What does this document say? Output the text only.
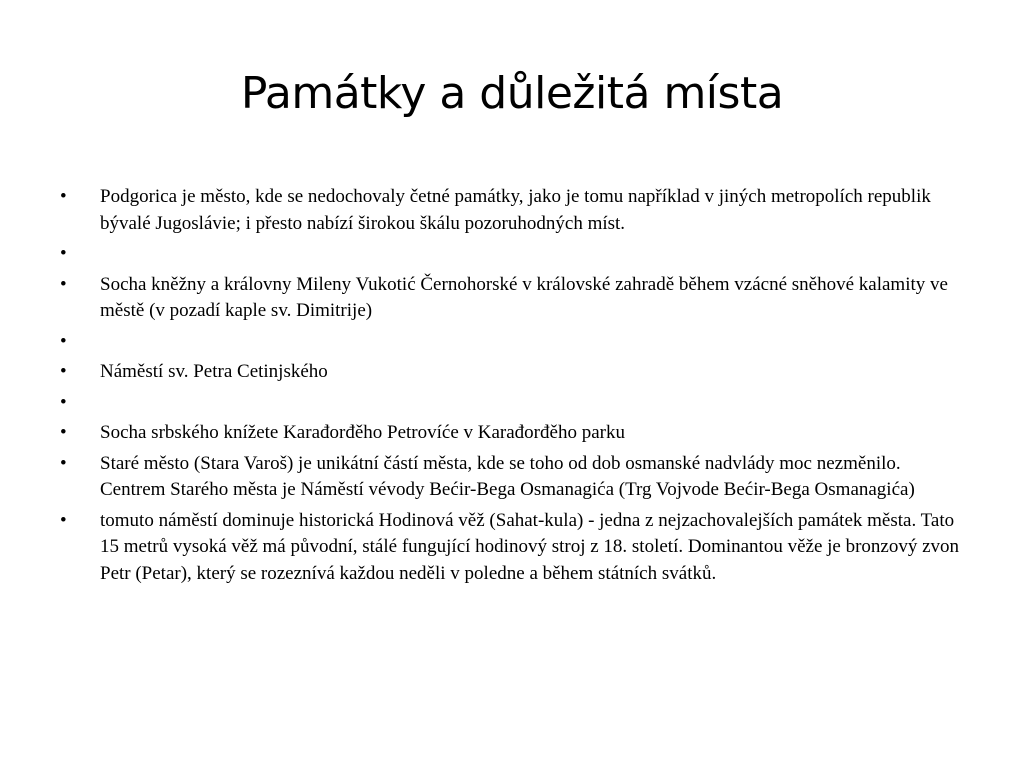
Památky a důležitá místa
•	Podgorica je město, kde se nedochovaly četné památky, jako je tomu například v jiných metropolích republik bývalé Jugoslávie; i přesto nabízí širokou škálu pozoruhodných míst.
•
•	Socha kněžny a královny Mileny Vukotić Černohorské v královské zahradě během vzácné sněhové kalamity ve městě (v pozadí kaple sv. Dimitrije)
•
•	Náměstí sv. Petra Cetinjského
•
•	Socha srbského knížete Karađorđěho Petrovíće v Karađorđěho parku
•	Staré město (Stara Varoš) je unikátní částí města, kde se toho od dob osmanské nadvlády moc nezměnilo. Centrem Starého města je Náměstí vévody Bećir-Bega Osmanagića (Trg Vojvode Bećir-Bega Osmanagića)
•	tomuto náměstí dominuje historická Hodinová věž (Sahat-kula) - jedna z nejzachovalejších památek města. Tato 15 metrů vysoká věž má původní, stálé fungující hodinový stroj z 18. století. Dominantou věže je bronzový zvon Petr (Petar), který se rozeznívá každou neděli v poledne a během státních svátků.
